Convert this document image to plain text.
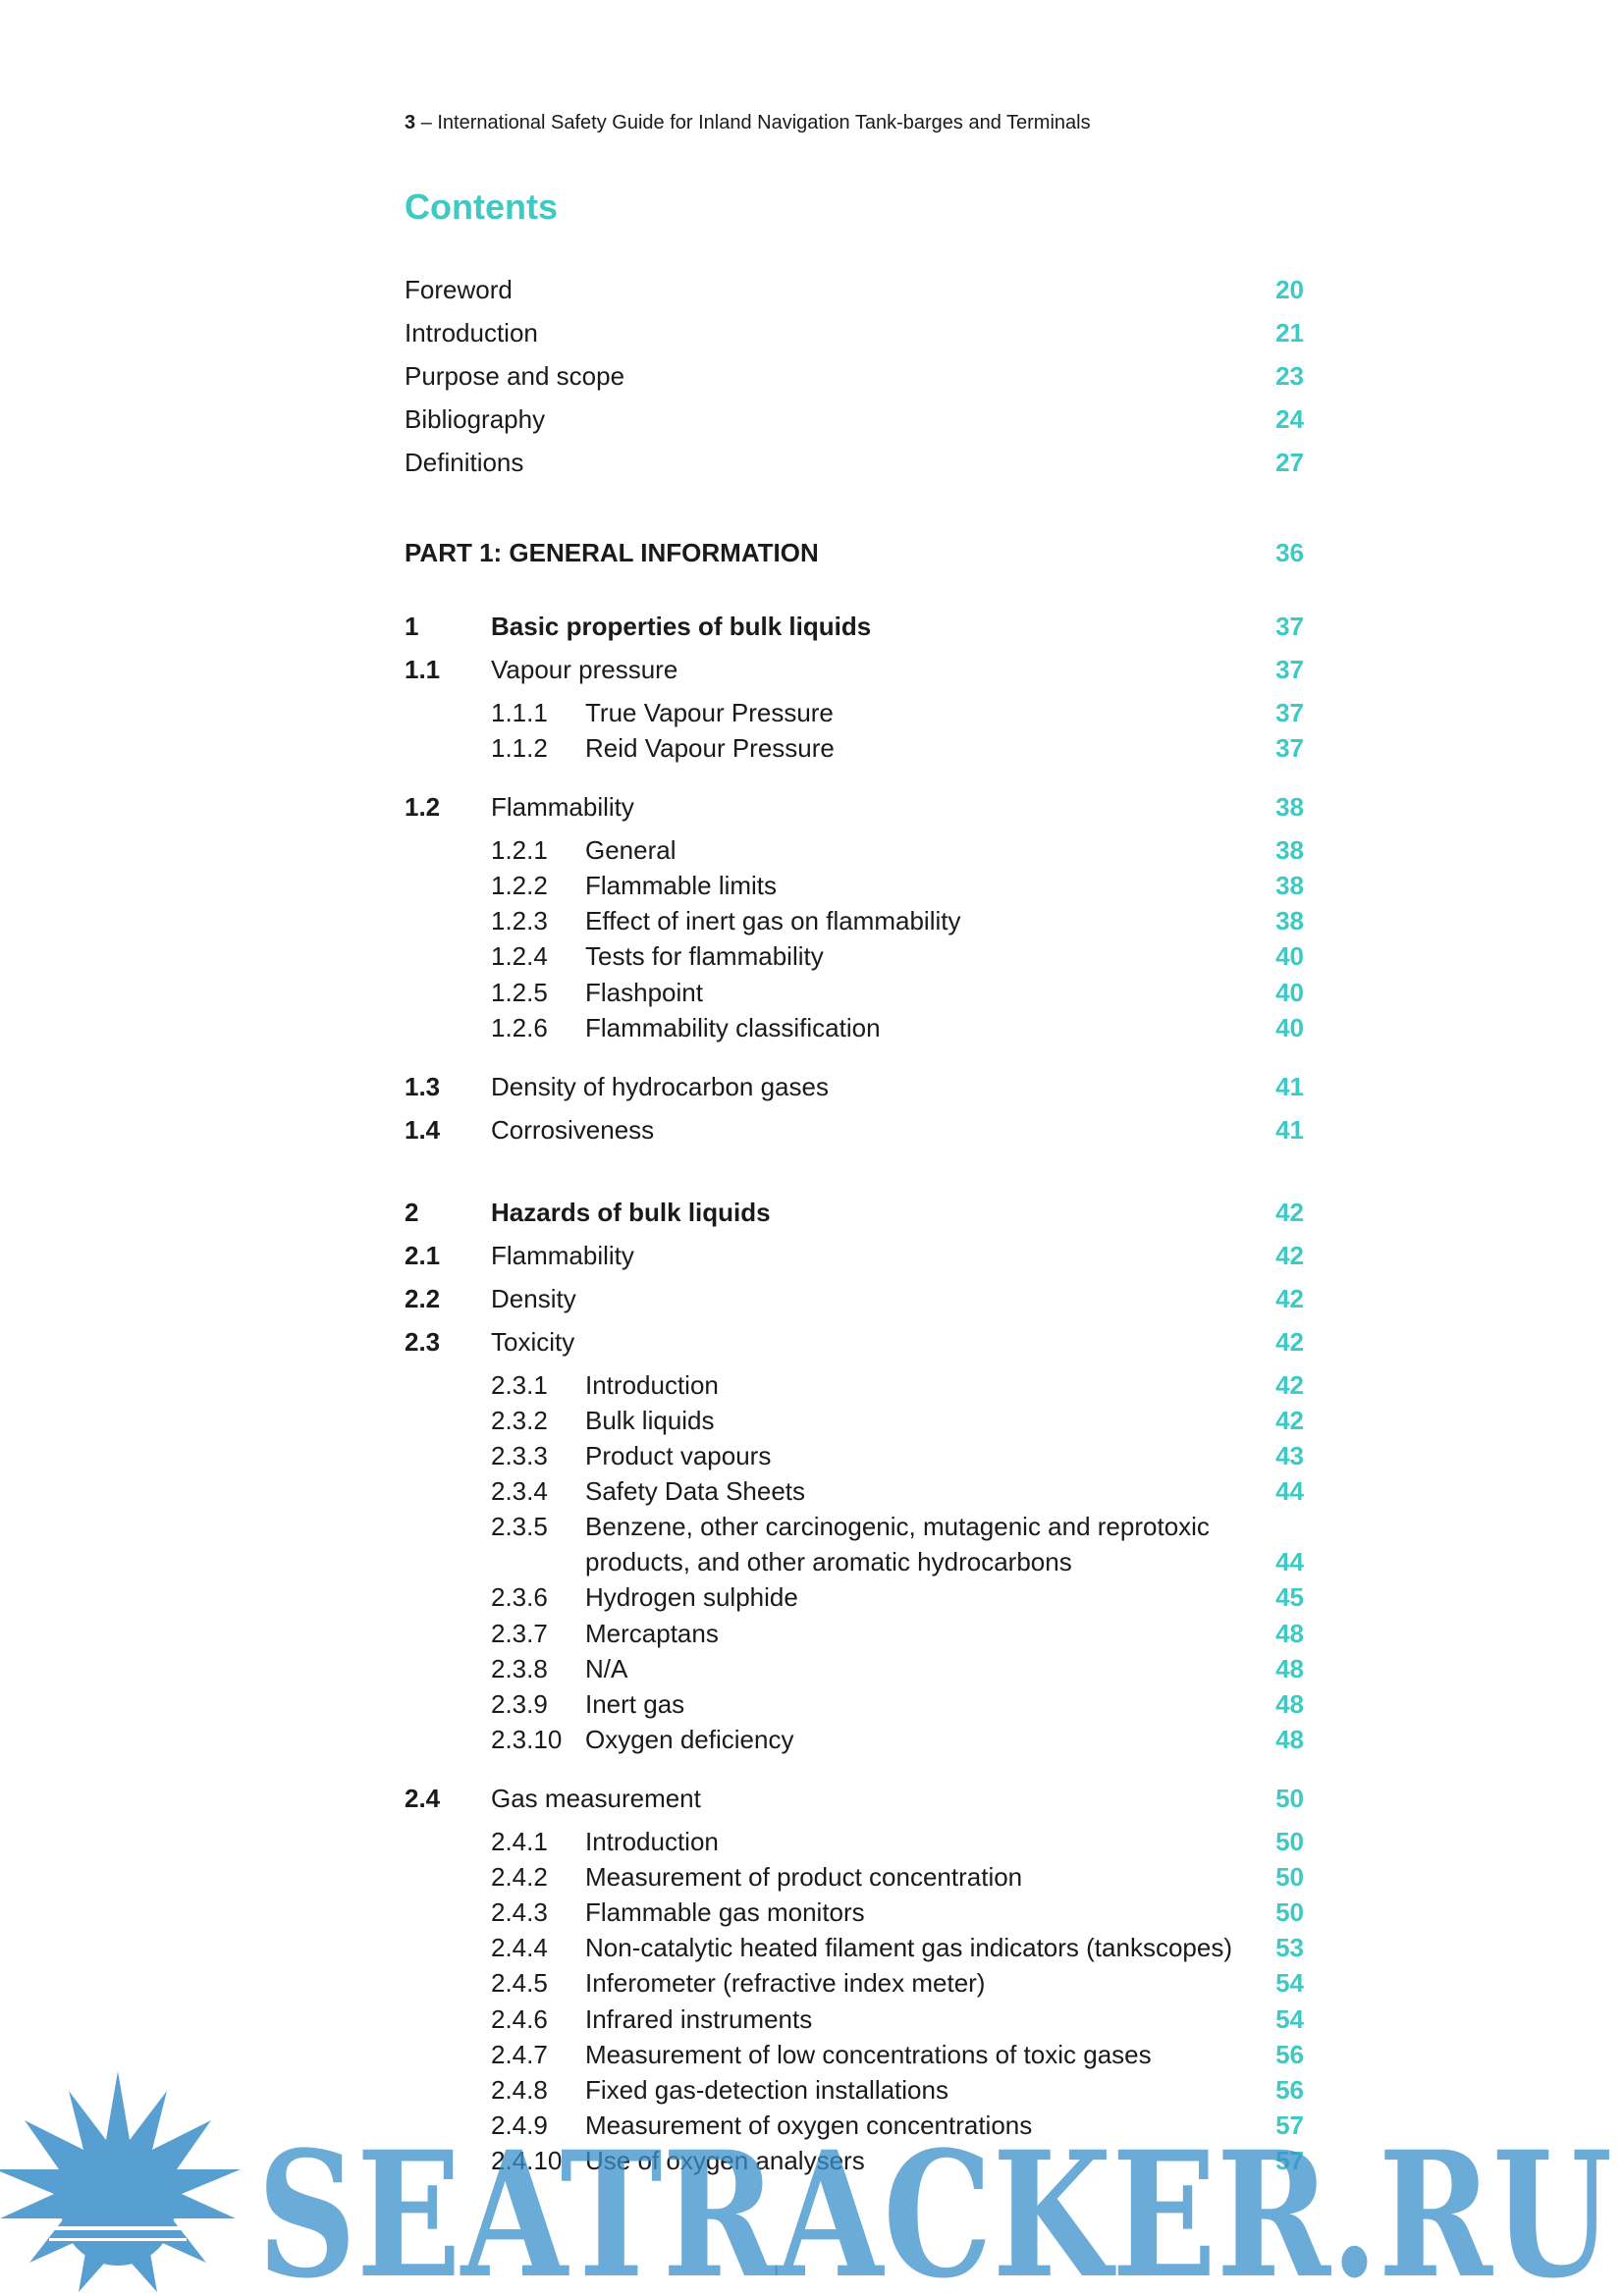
3 – International Safety Guide for Inland Navigation Tank-barges and Terminals
Contents
Foreword	20
Introduction	21
Purpose and scope	23
Bibliography	24
Definitions	27
PART 1: GENERAL INFORMATION	36
1	Basic properties of bulk liquids	37
1.1 Vapour pressure	37
1.1.1 True Vapour Pressure	37
1.1.2 Reid Vapour Pressure	37
1.2 Flammability	38
1.2.1 General	38
1.2.2 Flammable limits	38
1.2.3 Effect of inert gas on flammability	38
1.2.4 Tests for flammability	40
1.2.5 Flashpoint	40
1.2.6 Flammability classification	40
1.3 Density of hydrocarbon gases	41
1.4 Corrosiveness	41
2	Hazards of bulk liquids	42
2.1 Flammability	42
2.2 Density	42
2.3 Toxicity	42
2.3.1 Introduction	42
2.3.2 Bulk liquids	42
2.3.3 Product vapours	43
2.3.4 Safety Data Sheets	44
2.3.5 Benzene, other carcinogenic, mutagenic and reprotoxic
products, and other aromatic hydrocarbons	44
2.3.6 Hydrogen sulphide	45
2.3.7 Mercaptans	48
2.3.8 N/A	48
2.3.9 Inert gas	48
2.3.10 Oxygen deficiency	48
2.4 Gas measurement	50
2.4.1 Introduction	50
2.4.2 Measurement of product concentration	50
2.4.3 Flammable gas monitors	50
2.4.4 Non-catalytic heated filament gas indicators (tankscopes) 53
2.4.5 Inferometer (refractive index meter)	54
2.4.6 Infrared instruments	54
2.4.7 Measurement of low concentrations of toxic gases	56
2.4.8 Fixed gas-detection installations	56
2.4.9 Measurement of oxygen concentrations	57
2.4.10 Use of oxygen analysers	57
SEATRACKER.RU
